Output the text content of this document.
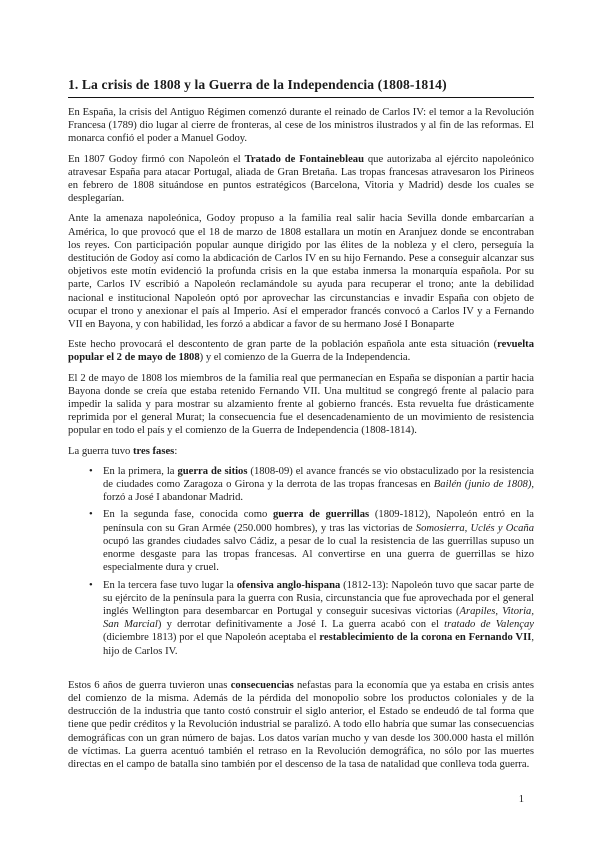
1. La crisis de 1808 y la Guerra de la Independencia (1808-1814)

En España, la crisis del Antiguo Régimen comenzó durante el reinado de Carlos IV: el temor a la Revolución Francesa (1789) dio lugar al cierre de fronteras, al cese de los ministros ilustrados y al fin de las reformas. El monarca confió el poder a Manuel Godoy.

En 1807 Godoy firmó con Napoleón el Tratado de Fontainebleau que autorizaba al ejército napoleónico atravesar España para atacar Portugal, aliada de Gran Bretaña. Las tropas francesas atravesaron los Pirineos en febrero de 1808 situándose en puntos estratégicos (Barcelona, Vitoria y Madrid) desde los cuales se desplegarían.

Ante la amenaza napoleónica, Godoy propuso a la familia real salir hacia Sevilla donde embarcarían a América, lo que provocó que el 18 de marzo de 1808 estallara un motín en Aranjuez donde se encontraban los reyes. Con participación popular aunque dirigido por las élites de la nobleza y el clero, perseguía la destitución de Godoy así como la abdicación de Carlos IV en su hijo Fernando. Pese a conseguir alcanzar sus objetivos este motín evidenció la profunda crisis en la que estaba inmersa la monarquía española. Por su parte, Carlos IV escribió a Napoleón reclamándole su ayuda para recuperar el trono; ante la debilidad nacional e institucional Napoleón optó por aprovechar las circunstancias e invadir España con objeto de ocupar el trono y anexionar el país al Imperio. Así el emperador francés convocó a Carlos IV y a Fernando VII en Bayona, y con habilidad, les forzó a abdicar a favor de su hermano José I Bonaparte

Este hecho provocará el descontento de gran parte de la población española ante esta situación (revuelta popular el 2 de mayo de 1808) y el comienzo de la Guerra de la Independencia.

El 2 de mayo de 1808 los miembros de la familia real que permanecían en España se disponían a partir hacia Bayona donde se creía que estaba retenido Fernando VII. Una multitud se congregó frente al palacio para impedir la salida y para mostrar su alzamiento frente al gobierno francés. Esta revuelta fue drásticamente reprimida por el general Murat; la consecuencia fue el desencadenamiento de un movimiento de resistencia popular en todo el país y el comienzo de la Guerra de Independencia (1808-1814).

La guerra tuvo tres fases:

• En la primera, la guerra de sitios (1808-09) el avance francés se vio obstaculizado por la resistencia de ciudades como Zaragoza o Girona y la derrota de las tropas francesas en Bailén (junio de 1808), forzó a José I abandonar Madrid.
• En la segunda fase, conocida como guerra de guerrillas (1809-1812), Napoleón entró en la península con su Gran Armée (250.000 hombres), y tras las victorias de Somosierra, Uclés y Ocaña ocupó las grandes ciudades salvo Cádiz, a pesar de lo cual la resistencia de las guerrillas supuso un enorme desgaste para las tropas francesas. Al convertirse en una guerra de guerrillas se hizo especialmente dura y cruel.
• En la tercera fase tuvo lugar la ofensiva anglo-hispana (1812-13): Napoleón tuvo que sacar parte de su ejército de la península para la guerra con Rusia, circunstancia que fue aprovechada por el general inglés Wellington para desembarcar en Portugal y conseguir sucesivas victorias (Arapiles, Vitoria, San Marcial) y derrotar definitivamente a José I. La guerra acabó con el tratado de Valençay (diciembre 1813) por el que Napoleón aceptaba el restablecimiento de la corona en Fernando VII, hijo de Carlos IV.

Estos 6 años de guerra tuvieron unas consecuencias nefastas para la economía que ya estaba en crisis antes del comienzo de la misma. Además de la pérdida del monopolio sobre los productos coloniales y de la destrucción de la industria que tanto costó construir el siglo anterior, el Estado se endeudó de tal forma que tiene que pedir créditos y la Revolución industrial se paralizó. A todo ello habría que sumar las consecuencias demográficas con un gran número de bajas. Los datos varían mucho y van desde los 300.000 hasta el millón de víctimas. La guerra acentuó también el retraso en la Revolución demográfica, no sólo por las muertes directas en el campo de batalla sino también por el descenso de la tasa de natalidad que conlleva toda guerra.

1
